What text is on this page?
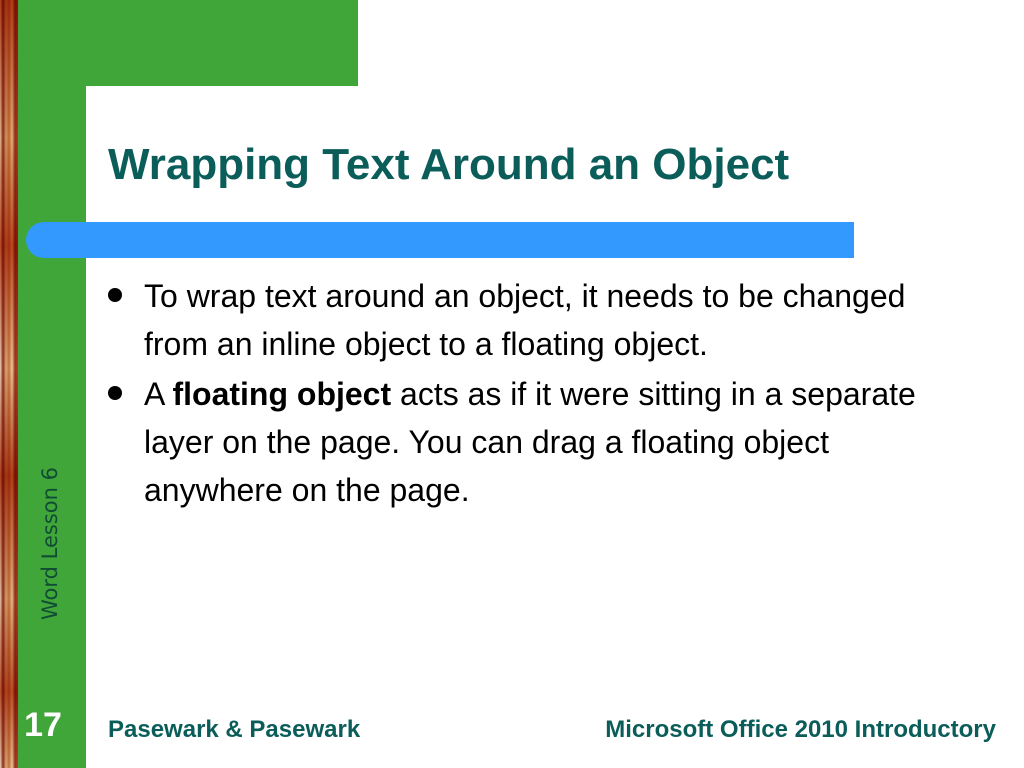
Word Lesson 6
Wrapping Text Around an Object
To wrap text around an object, it needs to be changed from an inline object to a floating object.
A floating object acts as if it were sitting in a separate layer on the page. You can drag a floating object anywhere on the page.
17 Pasewark & Pasewark	Microsoft Office 2010 Introductory
